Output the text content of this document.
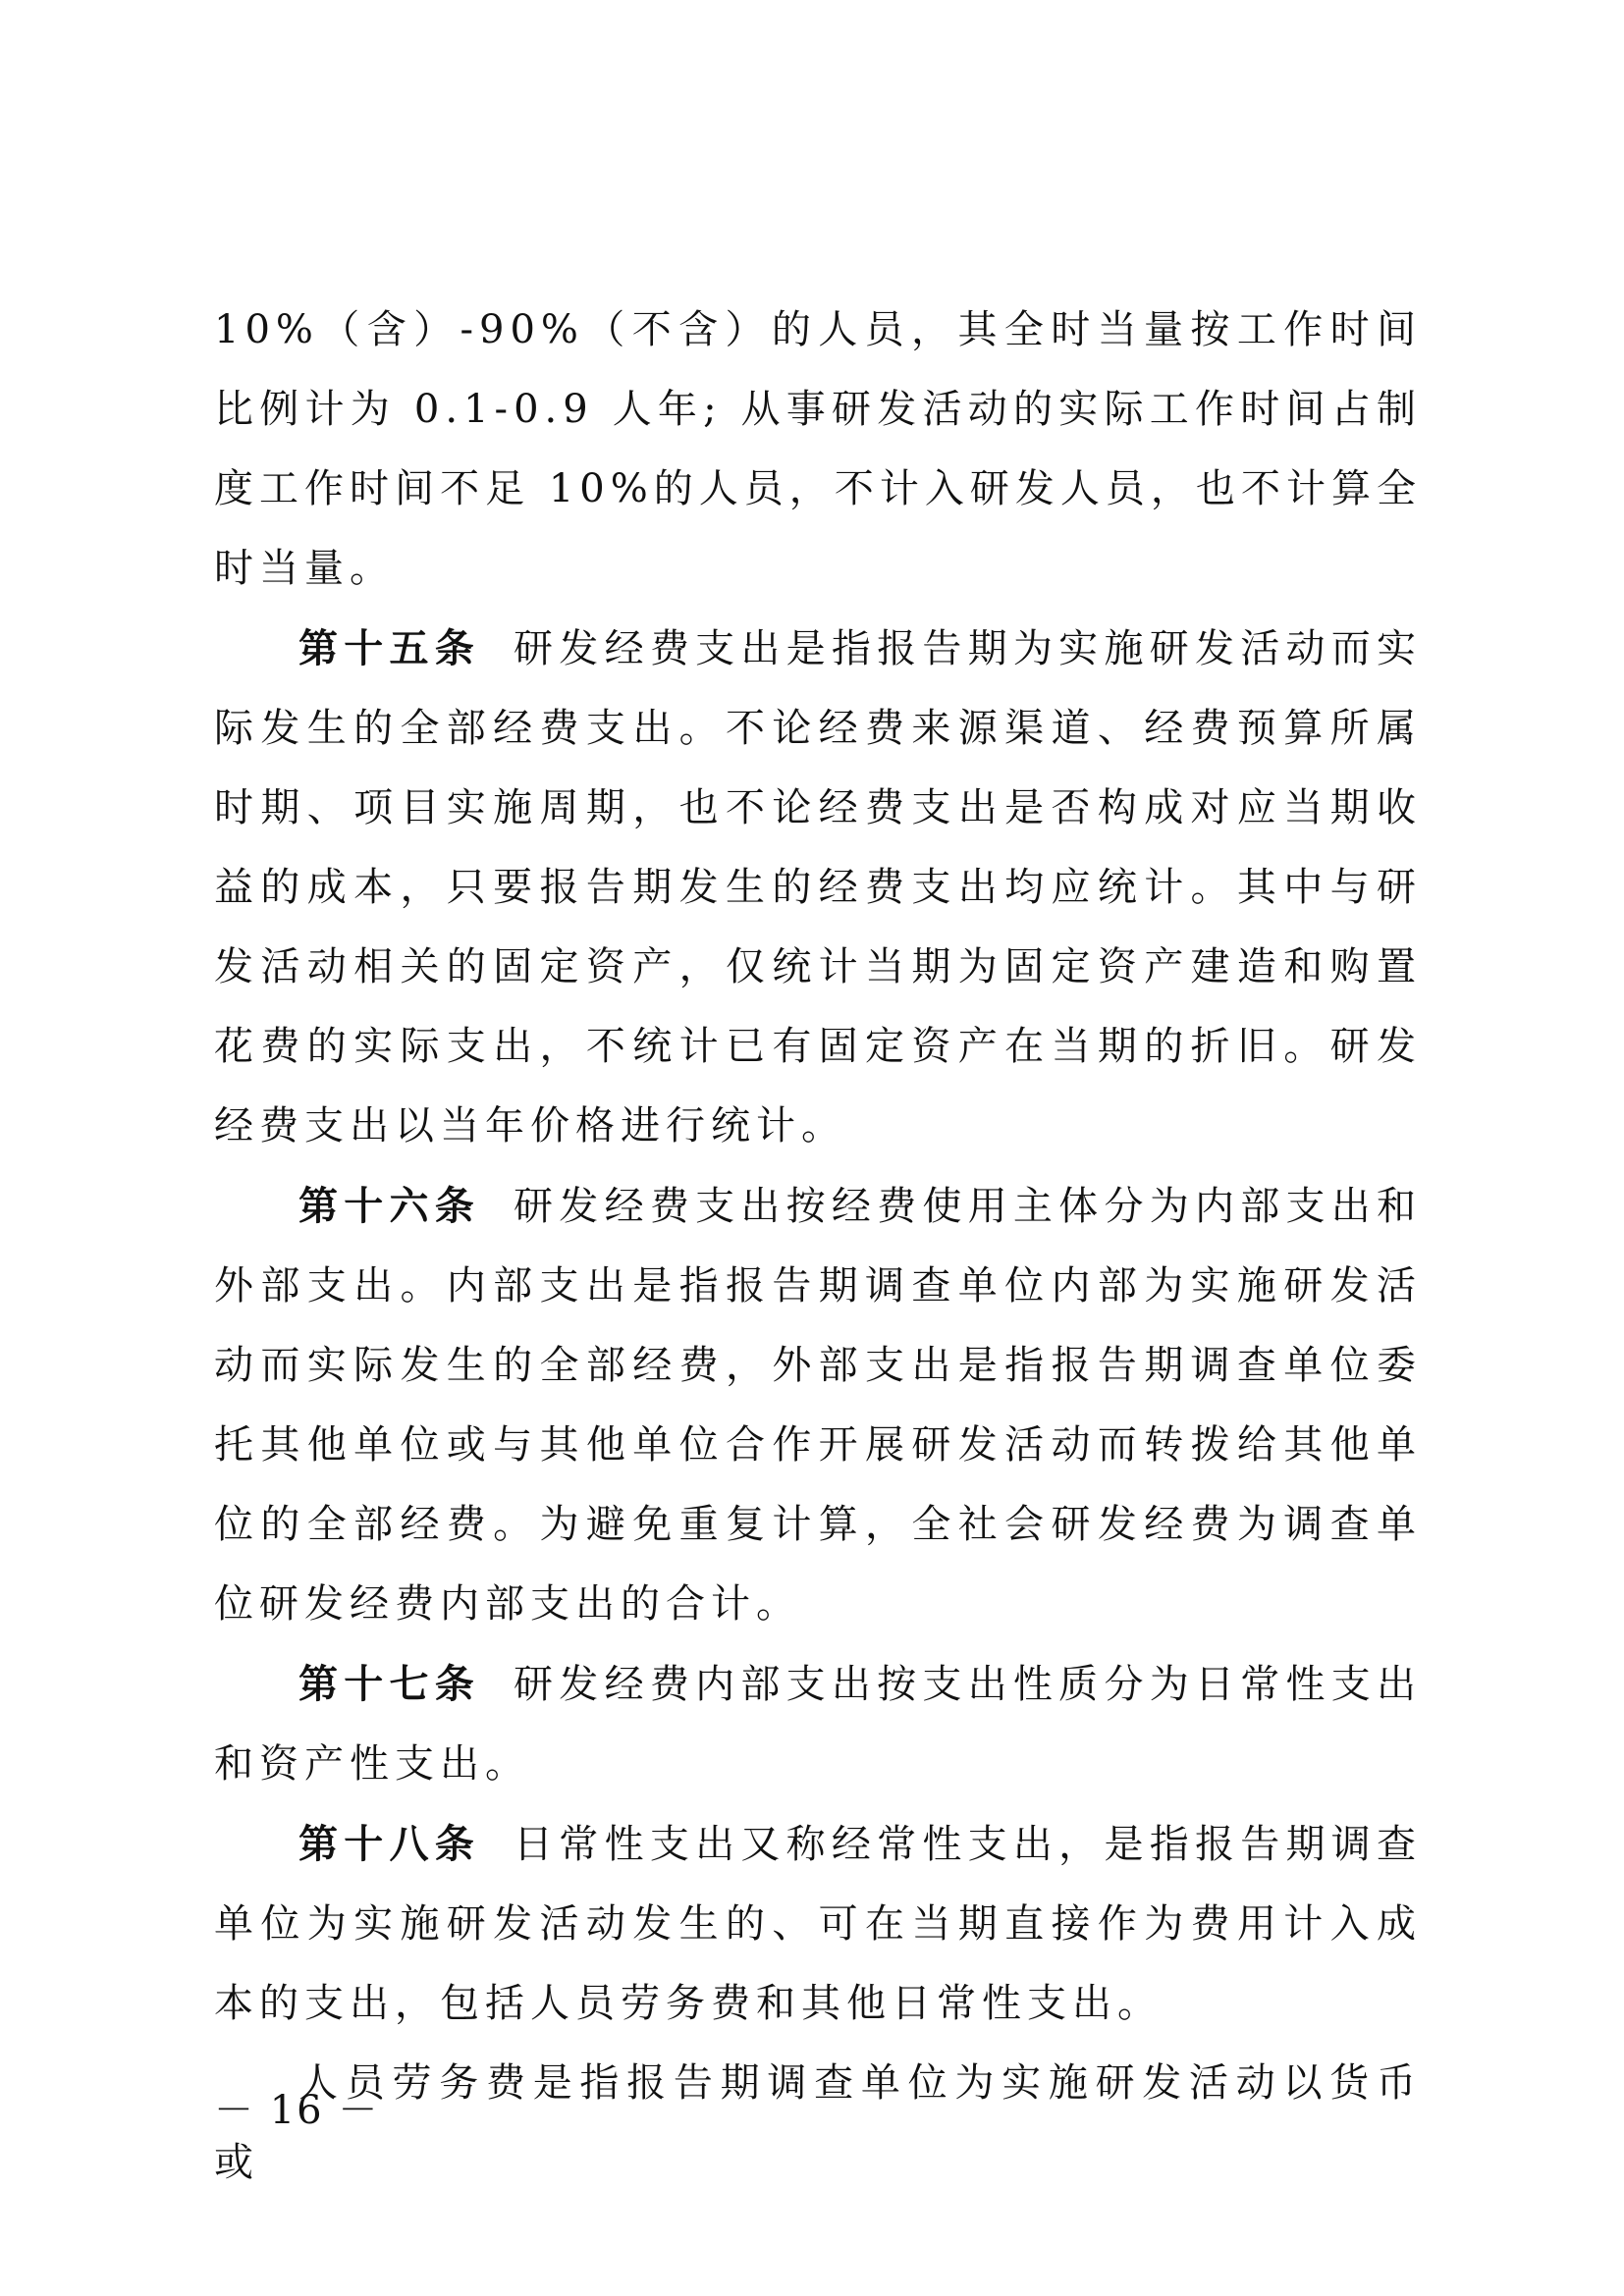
10%（含）-90%（不含）的人员，其全时当量按工作时间比例计为 0.1-0.9 人年; 从事研发活动的实际工作时间占制度工作时间不足 10%的人员，不计入研发人员，也不计算全时当量。

第十五条 研发经费支出是指报告期为实施研发活动而实际发生的全部经费支出。不论经费来源渠道、经费预算所属时期、项目实施周期，也不论经费支出是否构成对应当期收益的成本，只要报告期发生的经费支出均应统计。其中与研发活动相关的固定资产，仅统计当期为固定资产建造和购置花费的实际支出，不统计已有固定资产在当期的折旧。研发经费支出以当年价格进行统计。

第十六条 研发经费支出按经费使用主体分为内部支出和外部支出。内部支出是指报告期调查单位内部为实施研发活动而实际发生的全部经费，外部支出是指报告期调查单位委托其他单位或与其他单位合作开展研发活动而转拨给其他单位的全部经费。为避免重复计算，全社会研发经费为调查单位研发经费内部支出的合计。

第十七条 研发经费内部支出按支出性质分为日常性支出和资产性支出。

第十八条 日常性支出又称经常性支出，是指报告期调查单位为实施研发活动发生的、可在当期直接作为费用计入成本的支出，包括人员劳务费和其他日常性支出。

人员劳务费是指报告期调查单位为实施研发活动以货币或

－ 16 －
